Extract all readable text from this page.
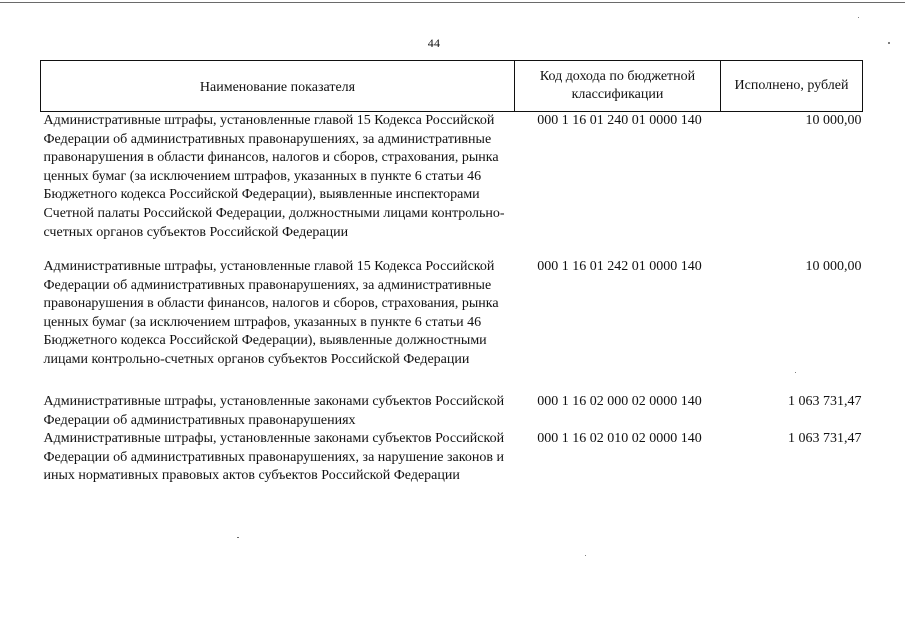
44
Наименование показателя	Код дохода по бюджетной классификации	Исполнено, рублей
Административные штрафы, установленные главой 15 Кодекса Российской Федерации об административных правонарушениях, за административные правонарушения в области финансов, налогов и сборов, страхования, рынка ценных бумаг (за исключением штрафов, указанных в пункте 6 статьи 46 Бюджетного кодекса Российской Федерации), выявленные инспекторами Счетной палаты Российской Федерации, должностными лицами контрольно-счетных органов субъектов Российской Федерации	000 1 16 01 240 01 0000 140	10 000,00
Административные штрафы, установленные главой 15 Кодекса Российской Федерации об административных правонарушениях, за административные правонарушения в области финансов, налогов и сборов, страхования, рынка ценных бумаг (за исключением штрафов, указанных в пункте 6 статьи 46 Бюджетного кодекса Российской Федерации), выявленные должностными лицами контрольно-счетных органов субъектов Российской Федерации	000 1 16 01 242 01 0000 140	10 000,00
Административные штрафы, установленные законами субъектов Российской Федерации об административных правонарушениях	000 1 16 02 000 02 0000 140	1 063 731,47
Административные штрафы, установленные законами субъектов Российской Федерации об административных правонарушениях, за нарушение законов и иных нормативных правовых актов субъектов Российской Федерации	000 1 16 02 010 02 0000 140	1 063 731,47
